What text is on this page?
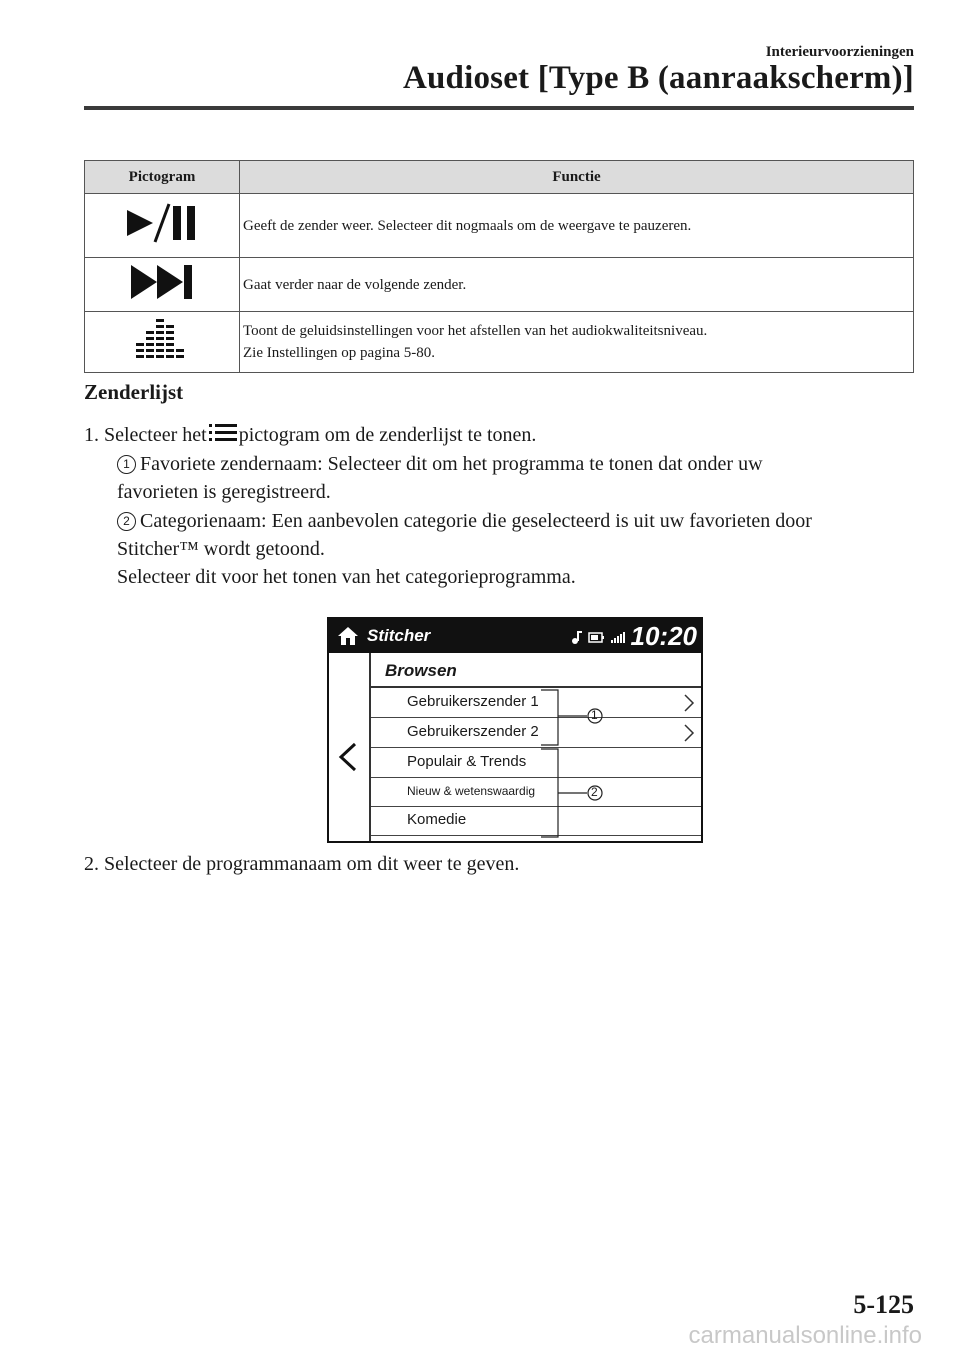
Interieurvoorzieningen
Audioset [Type B (aanraakscherm)]
Pictogram	Functie

Geeft de zender weer. Selecteer dit nogmaals om de weergave te pauzeren.

Gaat verder naar de volgende zender.

Toont de geluidsinstellingen voor het afstellen van het audiokwaliteitsniveau.
Zie Instellingen op pagina 5-80.
Zenderlijst
1. Selecteer het pictogram om de zenderlijst te tonen.
1 Favoriete zendernaam: Selecteer dit om het programma te tonen dat onder uw
favorieten is geregistreerd.
2 Categorienaam: Een aanbevolen categorie die geselecteerd is uit uw favorieten door
Stitcher™ wordt getoond.
Selecteer dit voor het tonen van het categorieprogramma.
Stitcher	10:20
Browsen
Gebruikerszender 1
Gebruikerszender 2
Populair & Trends
Nieuw & wetenswaardig
Komedie
1
2
2. Selecteer de programmanaam om dit weer te geven.
5-125
carmanualsonline.info
